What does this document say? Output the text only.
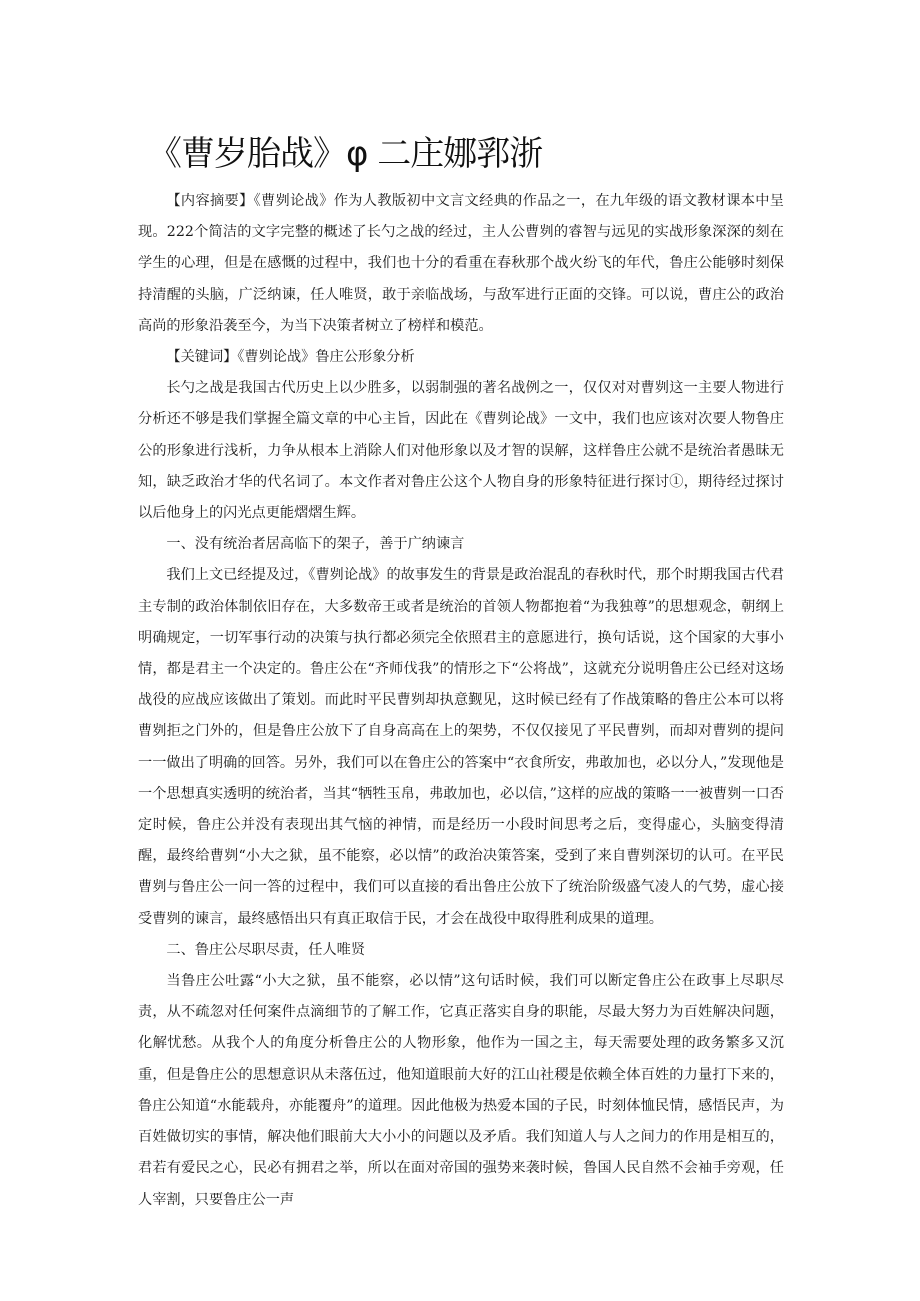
《曹岁胎战》φ 二庄娜郛浙

【内容摘要】《曹刿论战》作为人教版初中文言文经典的作品之一，在九年级的语文教材课本中呈现。222个简洁的文字完整的概述了长勺之战的经过，主人公曹刿的睿智与远见的实战形象深深的刻在学生的心理，但是在感慨的过程中，我们也十分的看重在春秋那个战火纷飞的年代，鲁庄公能够时刻保持清醒的头脑，广泛纳谏，任人唯贤，敢于亲临战场，与敌军进行正面的交锋。可以说，曹庄公的政治高尚的形象沿袭至今，为当下决策者树立了榜样和模范。

【关键词】《曹刿论战》鲁庄公形象分析

长勺之战是我国古代历史上以少胜多，以弱制强的著名战例之一，仅仅对对曹刿这一主要人物进行分析还不够是我们掌握全篇文章的中心主旨，因此在《曹刿论战》一文中，我们也应该对次要人物鲁庄公的形象进行浅析，力争从根本上消除人们对他形象以及才智的误解，这样鲁庄公就不是统治者愚昧无知，缺乏政治才华的代名词了。本文作者对鲁庄公这个人物自身的形象特征进行探讨①，期待经过探讨以后他身上的闪光点更能熠熠生辉。

一、没有统治者居高临下的架子，善于广纳谏言

我们上文已经提及过，《曹刿论战》的故事发生的背景是政治混乱的春秋时代，那个时期我国古代君主专制的政治体制依旧存在，大多数帝王或者是统治的首领人物都抱着“为我独尊”的思想观念，朝纲上明确规定，一切军事行动的决策与执行都必须完全依照君主的意愿进行，换句话说，这个国家的大事小情，都是君主一个决定的。鲁庄公在“齐师伐我”的情形之下“公将战”，这就充分说明鲁庄公已经对这场战役的应战应该做出了策划。而此时平民曹刿却执意觐见，这时候已经有了作战策略的鲁庄公本可以将曹刿拒之门外的，但是鲁庄公放下了自身高高在上的架势，不仅仅接见了平民曹刿，而却对曹刿的提问一一做出了明确的回答。另外，我们可以在鲁庄公的答案中“衣食所安，弗敢加也，必以分人，”发现他是一个思想真实透明的统治者，当其“牺牲玉帛，弗敢加也，必以信，”这样的应战的策略一一被曹刿一口否定时候，鲁庄公并没有表现出其气恼的神情，而是经历一小段时间思考之后，变得虚心，头脑变得清醒，最终给曹刿“小大之狱，虽不能察，必以情”的政治决策答案，受到了来自曹刿深切的认可。在平民曹刿与鲁庄公一问一答的过程中，我们可以直接的看出鲁庄公放下了统治阶级盛气凌人的气势，虚心接受曹刿的谏言，最终感悟出只有真正取信于民，才会在战役中取得胜利成果的道理。

二、鲁庄公尽职尽责，任人唯贤

当鲁庄公吐露“小大之狱，虽不能察，必以情”这句话时候，我们可以断定鲁庄公在政事上尽职尽责，从不疏忽对任何案件点滴细节的了解工作，它真正落实自身的职能，尽最大努力为百姓解决问题，化解忧愁。从我个人的角度分析鲁庄公的人物形象，他作为一国之主，每天需要处理的政务繁多又沉重，但是鲁庄公的思想意识从未落伍过，他知道眼前大好的江山社稷是依赖全体百姓的力量打下来的，鲁庄公知道“水能载舟，亦能覆舟”的道理。因此他极为热爱本国的子民，时刻体恤民情，感悟民声，为百姓做切实的事情，解决他们眼前大大小小的问题以及矛盾。我们知道人与人之间力的作用是相互的，君若有爱民之心，民必有拥君之举，所以在面对帝国的强势来袭时候，鲁国人民自然不会袖手旁观，任人宰割，只要鲁庄公一声
